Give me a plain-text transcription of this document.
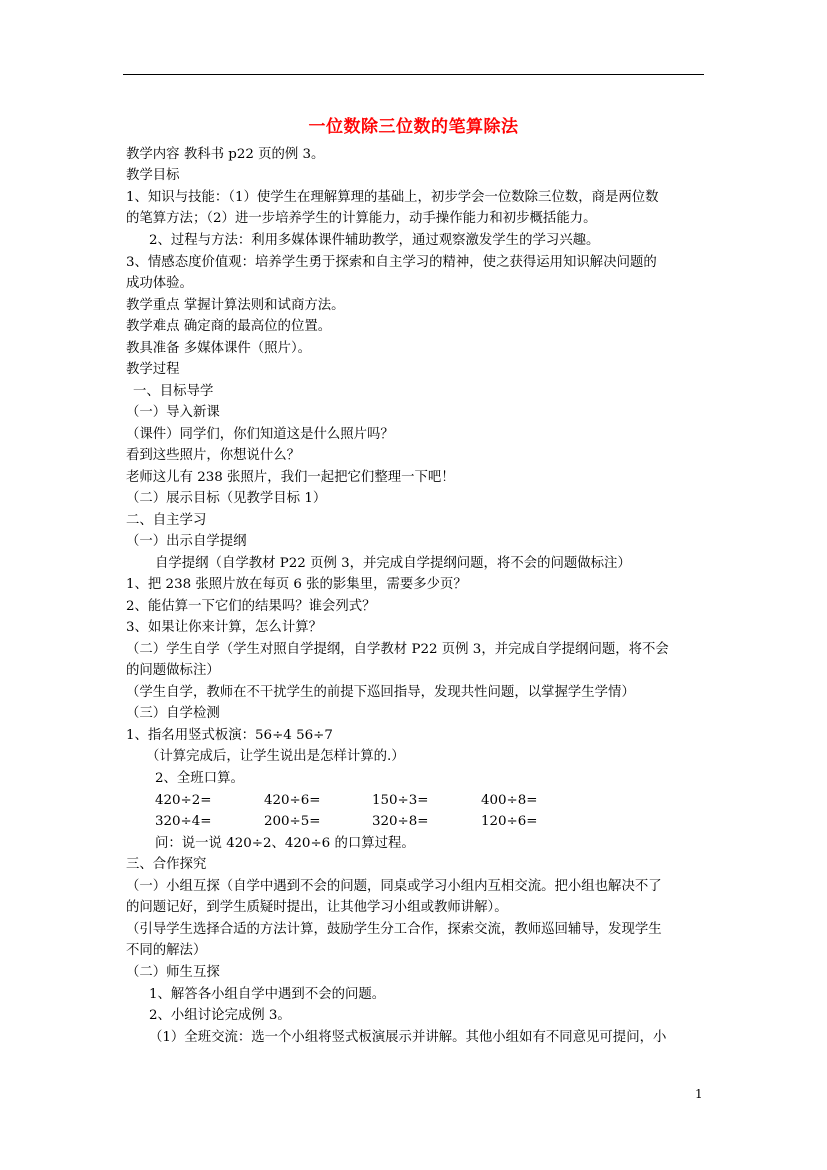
一位数除三位数的笔算除法
教学内容 教科书 p22 页的例 3。
教学目标
1、知识与技能：（1）使学生在理解算理的基础上，初步学会一位数除三位数，商是两位数
的笔算方法；（2）进一步培养学生的计算能力，动手操作能力和初步概括能力。
2、过程与方法：利用多媒体课件辅助教学，通过观察激发学生的学习兴趣。
3、情感态度价值观：培养学生勇于探索和自主学习的精神，使之获得运用知识解决问题的
成功体验。
教学重点 掌握计算法则和试商方法。
教学难点 确定商的最高位的位置。
教具准备 多媒体课件（照片）。
教学过程
一、目标导学
（一）导入新课
（课件）同学们，你们知道这是什么照片吗？
看到这些照片，你想说什么？
老师这儿有 238 张照片，我们一起把它们整理一下吧！
（二）展示目标（见教学目标 1）
二、自主学习
（一）出示自学提纲
自学提纲（自学教材 P22 页例 3，并完成自学提纲问题，将不会的问题做标注）
1、把 238 张照片放在每页 6 张的影集里，需要多少页？
2、能估算一下它们的结果吗？谁会列式？
3、如果让你来计算，怎么计算？
（二）学生自学（学生对照自学提纲，自学教材 P22 页例 3，并完成自学提纲问题，将不会
的问题做标注）
（学生自学，教师在不干扰学生的前提下巡回指导，发现共性问题，以掌握学生学情）
（三）自学检测
1、指名用竖式板演：56÷4 56÷7
（计算完成后，让学生说出是怎样计算的.）
2、全班口算。
问：说一说 420÷2、420÷6 的口算过程。
三、合作探究
（一）小组互探（自学中遇到不会的问题，同桌或学习小组内互相交流。把小组也解决不了
的问题记好，到学生质疑时提出，让其他学习小组或教师讲解）。
（引导学生选择合适的方法计算，鼓励学生分工合作，探索交流，教师巡回辅导，发现学生
不同的解法）
（二）师生互探
1、解答各小组自学中遇到不会的问题。
2、小组讨论完成例 3。
（1）全班交流：选一个小组将竖式板演展示并讲解。其他小组如有不同意见可提问，小
420÷2=	420÷6=	150÷3=	400÷8=
320÷4=	200÷5=	320÷8=	120÷6=
1
